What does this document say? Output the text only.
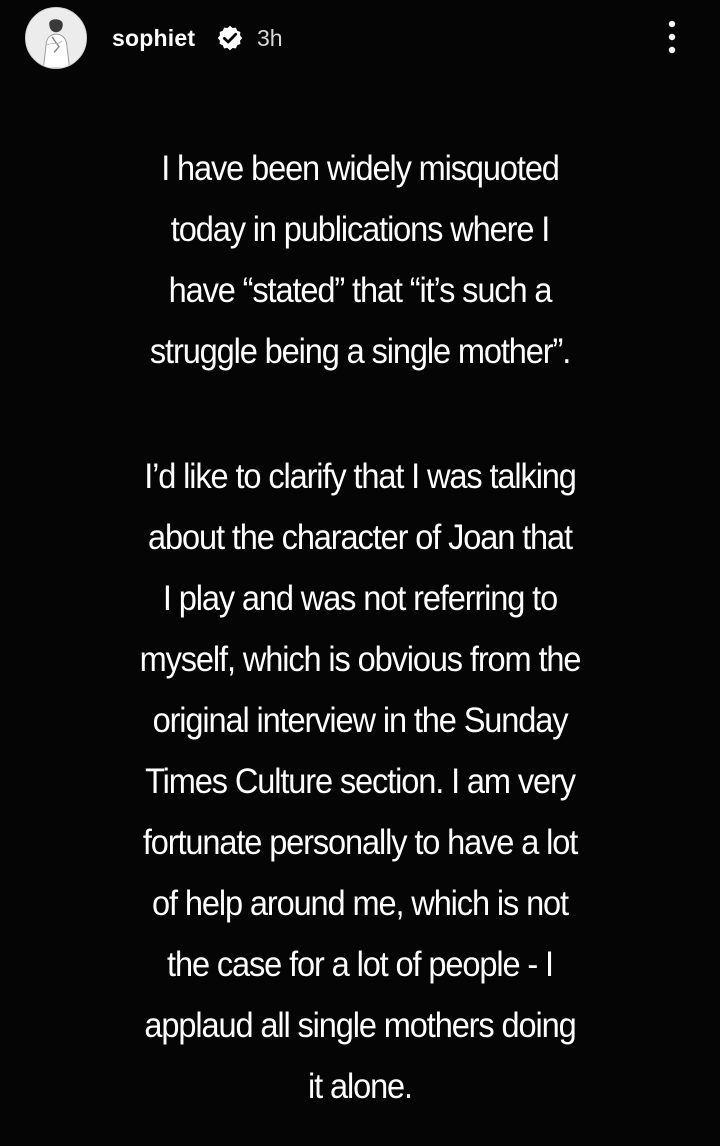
sophiet	3h
I have been widely misquoted
today in publications where I
have “stated” that “it’s such a
struggle being a single mother”.
I’d like to clarify that I was talking
about the character of Joan that
I play and was not referring to
myself, which is obvious from the
original interview in the Sunday
Times Culture section. I am very
fortunate personally to have a lot
of help around me, which is not
the case for a lot of people - I
applaud all single mothers doing
it alone.
